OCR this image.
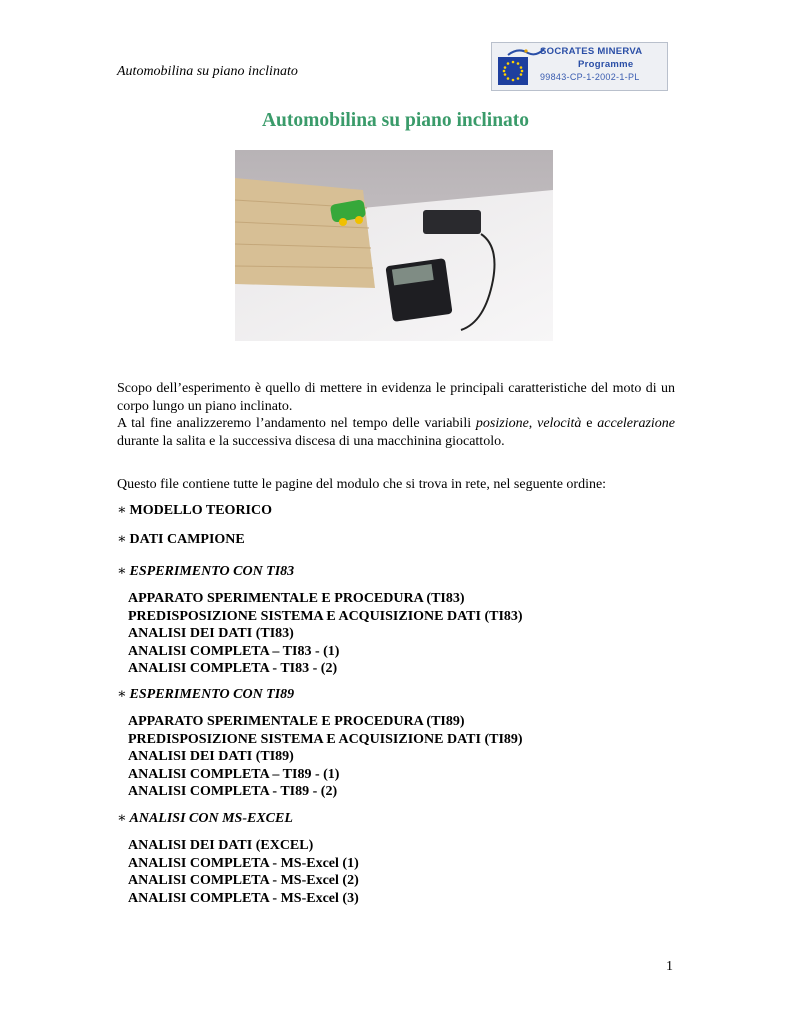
Automobilina su piano inclinato
SOCRATES MINERVA
Programme
99843-CP-1-2002-1-PL
Automobilina su piano inclinato
Scopo dell’esperimento è quello di mettere in evidenza le principali caratteristiche del moto di un corpo lungo un piano inclinato.
A tal fine analizzeremo l’andamento nel tempo delle variabili posizione, velocità e accelerazione durante la salita e la successiva discesa di una macchinina giocattolo.
Questo file contiene tutte le pagine del modulo che si trova in rete, nel seguente ordine:
∗ MODELLO TEORICO
∗ DATI CAMPIONE
∗ ESPERIMENTO CON TI83
APPARATO SPERIMENTALE E PROCEDURA (TI83)
PREDISPOSIZIONE SISTEMA E ACQUISIZIONE DATI (TI83)
ANALISI DEI DATI (TI83)
ANALISI COMPLETA – TI83 - (1)
ANALISI COMPLETA - TI83 - (2)
∗ ESPERIMENTO CON TI89
APPARATO SPERIMENTALE E PROCEDURA (TI89)
PREDISPOSIZIONE SISTEMA E ACQUISIZIONE DATI (TI89)
ANALISI DEI DATI (TI89)
ANALISI COMPLETA – TI89 - (1)
ANALISI COMPLETA - TI89 - (2)
∗ ANALISI CON MS-EXCEL
ANALISI DEI DATI (EXCEL)
ANALISI COMPLETA - MS-Excel (1)
ANALISI COMPLETA - MS-Excel (2)
ANALISI COMPLETA - MS-Excel (3)
1
